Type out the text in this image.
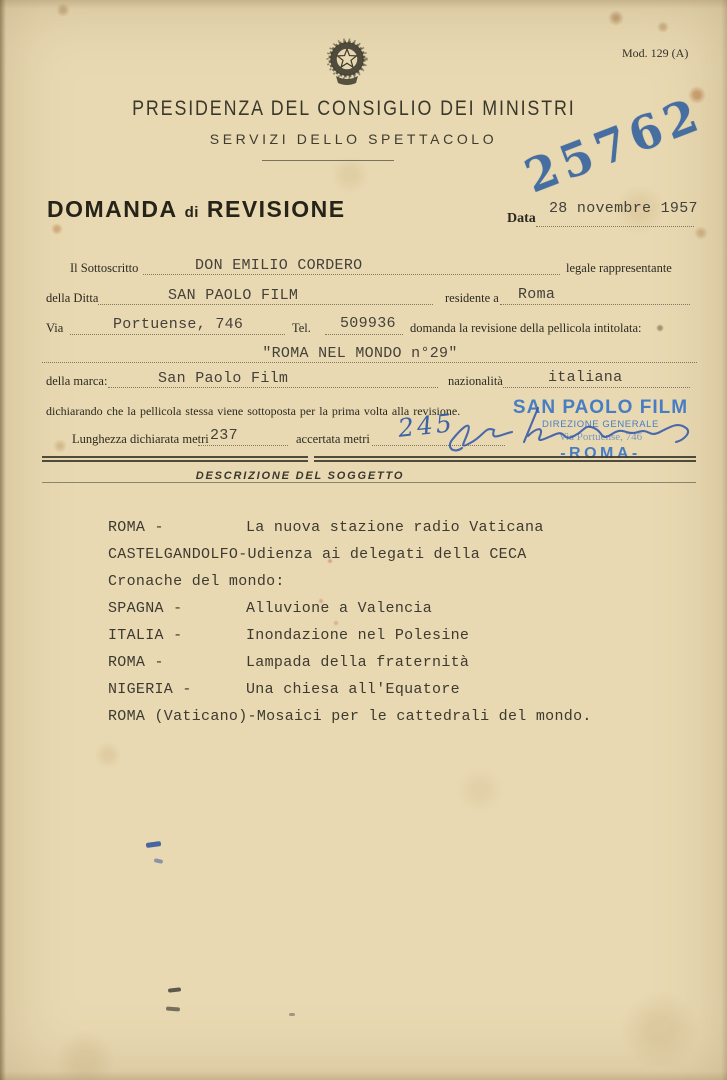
Mod. 129 (A)
PRESIDENZA DEL CONSIGLIO DEI MINISTRI
SERVIZI DELLO SPETTACOLO 25762
DOMANDA di REVISIONE	Data
28 novembre 1957
Il Sottoscritto	DON EMILIO CORDERO	legale rappresentante
della Ditta	SAN PAOLO FILM	residente a Roma
Via	Portuense, 746	Tel. 509936 domanda la revisione della pellicola intitolata:
"ROMA NEL MONDO n°29"
della marca:	San Paolo Film	nazionalità	italiana
dichiarando che la pellicola stessa viene sottoposta per la prima volta alla revisione.
Lunghezza dichiarata metri 237	accertata metri 245
SAN PAOLO FILM
DIREZIONE GENERALE
Via Portuense, 746
-ROMA-
DESCRIZIONE DEL SOGGETTO
ROMA -	La nuova stazione radio Vaticana
CASTELGANDOLFO- Udienza ai delegati della CECA
Cronache del mondo:
SPAGNA -	Alluvione a Valencia
ITALIA -	Inondazione nel Polesine
ROMA -	Lampada della fraternità
NIGERIA -	Una chiesa all'Equatore
ROMA (Vaticano)- Mosaici per le cattedrali del mondo.
